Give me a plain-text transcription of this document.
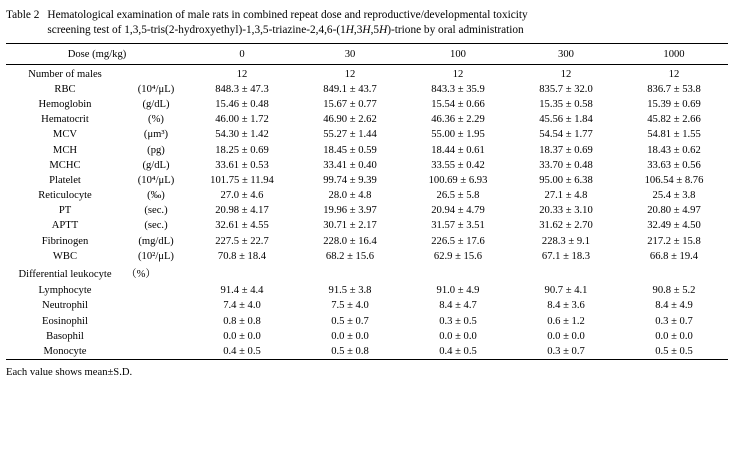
Table 2 Hematological examination of male rats in combined repeat dose and reproductive/developmental toxicity
screening test of 1,3,5-tris(2-hydroxyethyl)-1,3,5-triazine-2,4,6-(1H,3H,5H)-trione by oral administration

Dose (mg/kg)		0	30	100	300	1000

Number of males		12	12	12	12	12
RBC	(10⁴/μL)	848.3 ± 47.3	849.1 ± 43.7	843.3 ± 35.9	835.7 ± 32.0	836.7 ± 53.8
Hemoglobin	(g/dL)	15.46 ± 0.48	15.67 ± 0.77	15.54 ± 0.66	15.35 ± 0.58	15.39 ± 0.69
Hematocrit	(%)	46.00 ± 1.72	46.90 ± 2.62	46.36 ± 2.29	45.56 ± 1.84	45.82 ± 2.66
MCV	(μm³)	54.30 ± 1.42	55.27 ± 1.44	55.00 ± 1.95	54.54 ± 1.77	54.81 ± 1.55
MCH	(pg)	18.25 ± 0.69	18.45 ± 0.59	18.44 ± 0.61	18.37 ± 0.69	18.43 ± 0.62
MCHC	(g/dL)	33.61 ± 0.53	33.41 ± 0.40	33.55 ± 0.42	33.70 ± 0.48	33.63 ± 0.56
Platelet	(10⁴/μL)	101.75 ± 11.94	99.74 ± 9.39	100.69 ± 6.93	95.00 ± 6.38	106.54 ± 8.76
Reticulocyte	(‰)	27.0 ± 4.6	28.0 ± 4.8	26.5 ± 5.8	27.1 ± 4.8	25.4 ± 3.8
PT	(sec.)	20.98 ± 4.17	19.96 ± 3.97	20.94 ± 4.79	20.33 ± 3.10	20.80 ± 4.97
APTT	(sec.)	32.61 ± 4.55	30.71 ± 2.17	31.57 ± 3.51	31.62 ± 2.70	32.49 ± 4.50
Fibrinogen	(mg/dL)	227.5 ± 22.7	228.0 ± 16.4	226.5 ± 17.6	228.3 ± 9.1	217.2 ± 15.8
WBC	(10²/μL)	70.8 ± 18.4	68.2 ± 15.6	62.9 ± 15.6	67.1 ± 18.3	66.8 ± 19.4
Differential leukocyte	（%）					
Lymphocyte		91.4 ± 4.4	91.5 ± 3.8	91.0 ± 4.9	90.7 ± 4.1	90.8 ± 5.2
Neutrophil		7.4 ± 4.0	7.5 ± 4.0	8.4 ± 4.7	8.4 ± 3.6	8.4 ± 4.9
Eosinophil		0.8 ± 0.8	0.5 ± 0.7	0.3 ± 0.5	0.6 ± 1.2	0.3 ± 0.7
Basophil		0.0 ± 0.0	0.0 ± 0.0	0.0 ± 0.0	0.0 ± 0.0	0.0 ± 0.0
Monocyte		0.4 ± 0.5	0.5 ± 0.8	0.4 ± 0.5	0.3 ± 0.7	0.5 ± 0.5

Each value shows mean±S.D.
